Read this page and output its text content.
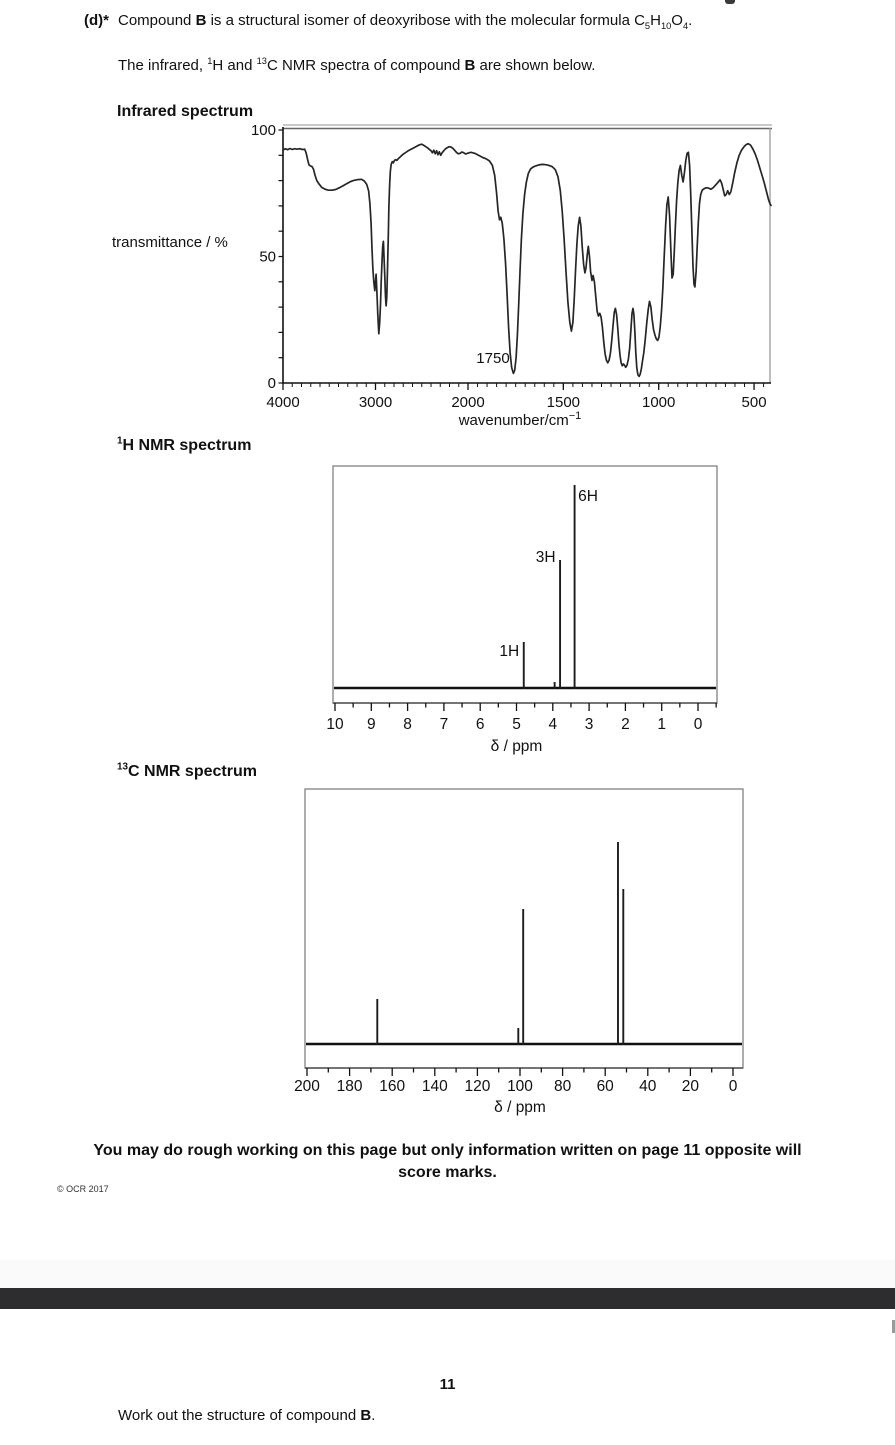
(d)* Compound B is a structural isomer of deoxyribose with the molecular formula $C_5H_{10}O_4$.
The infrared, $^1$H and $^{13}$C NMR spectra of compound B are shown below.
Infrared spectrum
100
50
0
4000	3000	2000	1500	1000	500
1750
transmittance / %
wavenumber/$cm^{-1}$
$^1$H NMR spectrum
10 9 8 7 6 5 4 3 2 1 0
δ / ppm
1H
3H
6H
$^{13}$C NMR spectrum
200 180 160 140 120 100 80 60 40 20 0
δ / ppm
You may do rough working on this page but only information written on page 11 opposite will
score marks.
© OCR 2017
11
Work out the structure of compound B.
